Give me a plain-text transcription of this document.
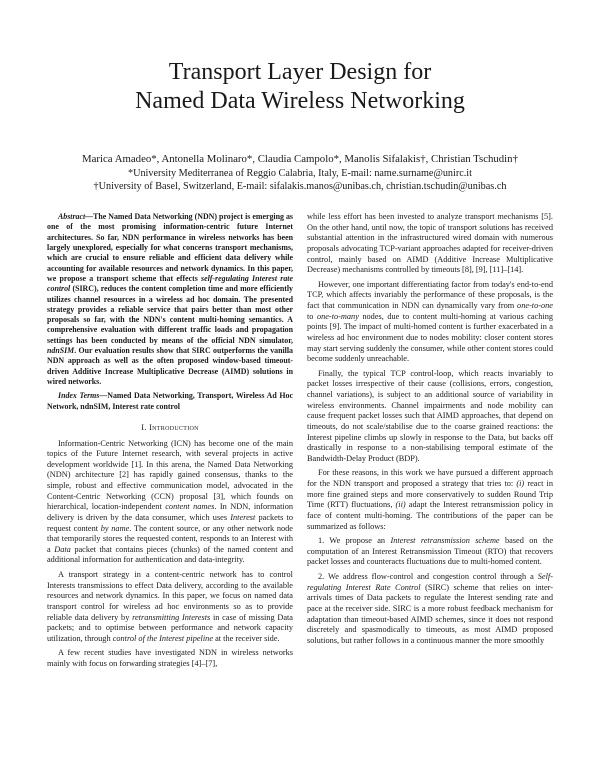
Transport Layer Design for
Named Data Wireless Networking
Marica Amadeo*, Antonella Molinaro*, Claudia Campolo*, Manolis Sifalakis†, Christian Tschudin†
*University Mediterranea of Reggio Calabria, Italy, E-mail: name.surname@unirc.it
†University of Basel, Switzerland, E-mail: sifalakis.manos@unibas.ch, christian.tschudin@unibas.ch

Abstract—The Named Data Networking (NDN) project is emerging as one of the most promising information-centric future Internet architectures. So far, NDN performance in wireless networks has been largely unexplored, especially for what concerns transport mechanisms, which are crucial to ensure reliable and efficient data delivery while accounting for available resources and network dynamics. In this paper, we propose a transport scheme that effects self-regulating Interest rate control (SIRC), reduces the content completion time and more efficiently utilizes channel resources in a wireless ad hoc domain. The presented strategy provides a reliable service that pairs better than most other proposals so far, with the NDN's content multi-homing semantics. A comprehensive evaluation with different traffic loads and propagation settings has been conducted by means of the official NDN simulator, ndnSIM. Our evaluation results show that SIRC outperforms the vanilla NDN approach as well as the often proposed window-based timeout-driven Additive Increase Multiplicative Decrease (AIMD) solutions in wired networks.

Index Terms—Named Data Networking, Transport, Wireless Ad Hoc Network, ndnSIM, Interest rate control

I. Introduction

Information-Centric Networking (ICN) has become one of the main topics of the Future Internet research, with several projects in active development worldwide [1]. In this arena, the Named Data Networking (NDN) architecture [2] has rapidly gained consensus, thanks to the simple, robust and effective communication model, advocated in the Content-Centric Networking (CCN) proposal [3], which founds on hierarchical, location-independent content names. In NDN, information delivery is driven by the data consumer, which uses Interest packets to request content by name. The content source, or any other network node that temporarily stores the requested content, responds to an Interest with a Data packet that contains pieces (chunks) of the named content and additional information for authentication and data-integrity.

A transport strategy in a content-centric network has to control Interests transmissions to effect Data delivery, according to the available resources and network dynamics. In this paper, we focus on named data transport control for wireless ad hoc environments so as to provide reliable data delivery by retransmitting Interests in case of missing Data packets; and to optimise between performance and network capacity utilization, through control of the Interest pipeline at the receiver side.

A few recent studies have investigated NDN in wireless networks mainly with focus on forwarding strategies [4]–[7],

while less effort has been invested to analyze transport mechanisms [5]. On the other hand, until now, the topic of transport solutions has received substantial attention in the infrastructured wired domain with numerous proposals advocating TCP-variant approaches adapted for receiver-driven control, mainly based on AIMD (Additive Increase Multiplicative Decrease) mechanisms controlled by timeouts [8], [9], [11]–[14].

However, one important differentiating factor from today's end-to-end TCP, which affects invariably the performance of these proposals, is the fact that communication in NDN can dynamically vary from one-to-one to one-to-many nodes, due to content multi-homing at various caching points [9]. The impact of multi-homed content is further exacerbated in a wireless ad hoc environment due to nodes mobility: closer content stores may start serving suddenly the consumer, while other content stores could become suddenly unreachable.

Finally, the typical TCP control-loop, which reacts invariably to packet losses irrespective of their cause (collisions, errors, congestion, channel variations), is subject to an additional source of variability in wireless environments. Channel impairments and node mobility can cause frequent packet losses such that AIMD approaches, that depend on timeouts, do not scale/stabilise due to the coarse grained reactions: the Interest pipeline climbs up slowly in response to the Data, but backs off drastically in response to a non-stabilising temporal estimate of the Bandwidth-Delay Product (BDP).

For these reasons, in this work we have pursued a different approach for the NDN transport and proposed a strategy that tries to: (i) react in more fine grained steps and more conservatively to sudden Round Trip Time (RTT) fluctuations, (ii) adapt the Interest retransmission policy in face of content multi-homing. The contributions of the paper can be summarized as follows:

1. We propose an Interest retransmission scheme based on the computation of an Interest Retransmission Timeout (RTO) that recovers packet losses and counteracts fluctuations due to multi-homed content.

2. We address flow-control and congestion control through a Self-regulating Interest Rate Control (SIRC) scheme that relies on inter-arrivals times of Data packets to regulate the Interest sending rate and pace at the receiver side. SIRC is a more robust feedback mechanism for adaptation than timeout-based AIMD schemes, since it does not respond discretely and spasmodically to timeouts, as most AIMD proposed solutions, but rather follows in a continuous manner the more smoothly
